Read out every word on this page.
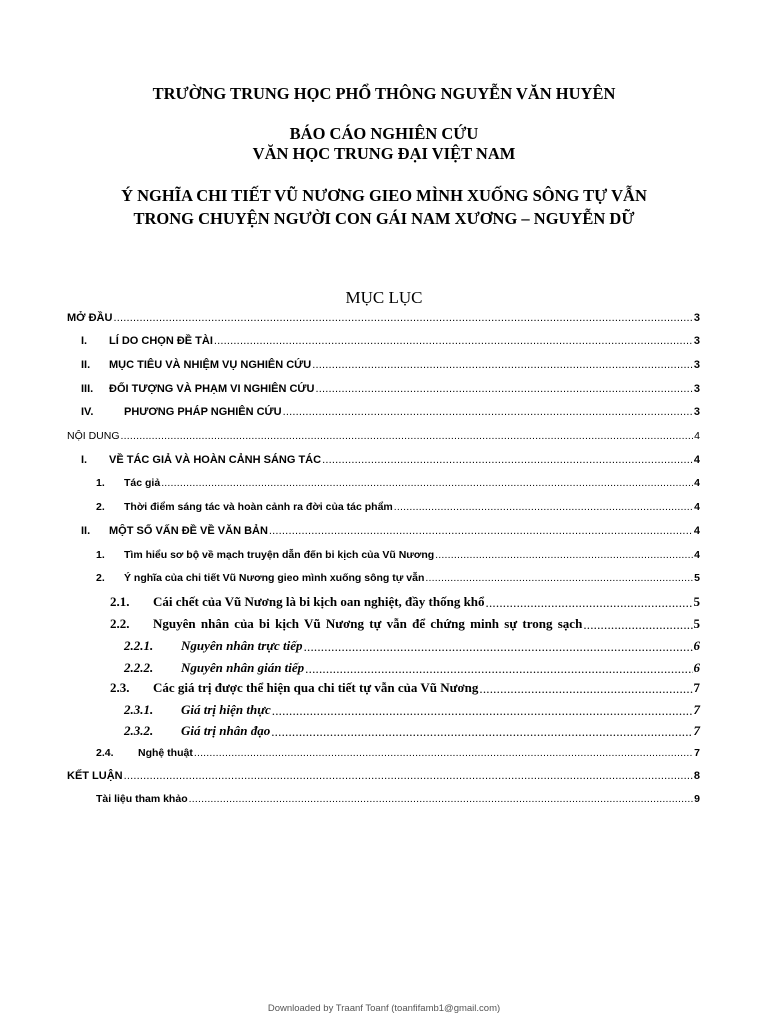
TRƯỜNG TRUNG HỌC PHỔ THÔNG NGUYỄN VĂN HUYÊN
BÁO CÁO NGHIÊN CỨU
VĂN HỌC TRUNG ĐẠI VIỆT NAM
Ý NGHĨA CHI TIẾT VŨ NƯƠNG GIEO MÌNH XUỐNG SÔNG TỰ VẪN
TRONG CHUYỆN NGƯỜI CON GÁI NAM XƯƠNG – NGUYỄN DỮ
MỤC LỤC
MỞ ĐẦU .....	3
I.	LÍ DO CHỌN ĐỀ TÀI .....	3
II.	MỤC TIÊU VÀ NHIỆM VỤ NGHIÊN CỨU .....	3
III.	ĐỐI TƯỢNG VÀ PHẠM VI NGHIÊN CỨU .....	3
IV.	PHƯƠNG PHÁP NGHIÊN CỨU .....	3
NỘI DUNG .....	4
I.	VỀ TÁC GIẢ VÀ HOÀN CẢNH SÁNG TÁC .....	4
1.	Tác giả .....	4
2.	Thời điểm sáng tác và hoàn cảnh ra đời của tác phẩm .....	4
II.	MỘT SỐ VẤN ĐỀ VỀ VĂN BẢN .....	4
1.	Tìm hiểu sơ bộ về mạch truyện dẫn đến bi kịch của Vũ Nương .....	4
2.	Ý nghĩa của chi tiết Vũ Nương gieo mình xuống sông tự vẫn .....	5
2.1.	Cái chết của Vũ Nương là bi kịch oan nghiệt, đầy thống khổ .....	5
2.2.	Nguyên nhân của bi kịch Vũ Nương tự vẫn để chứng minh sự trong sạch .....	5
2.2.1.	Nguyên nhân trực tiếp .....	6
2.2.2.	Nguyên nhân gián tiếp .....	6
2.3.	Các giá trị được thể hiện qua chi tiết tự vẫn của Vũ Nương .....	7
2.3.1.	Giá trị hiện thực .....	7
2.3.2.	Giá trị nhân đạo .....	7
2.4.	Nghệ thuật .....	7
KẾT LUẬN .....	8
Tài liệu tham khảo .....	9
Downloaded by Traanf Toanf (toanfifamb1@gmail.com)
